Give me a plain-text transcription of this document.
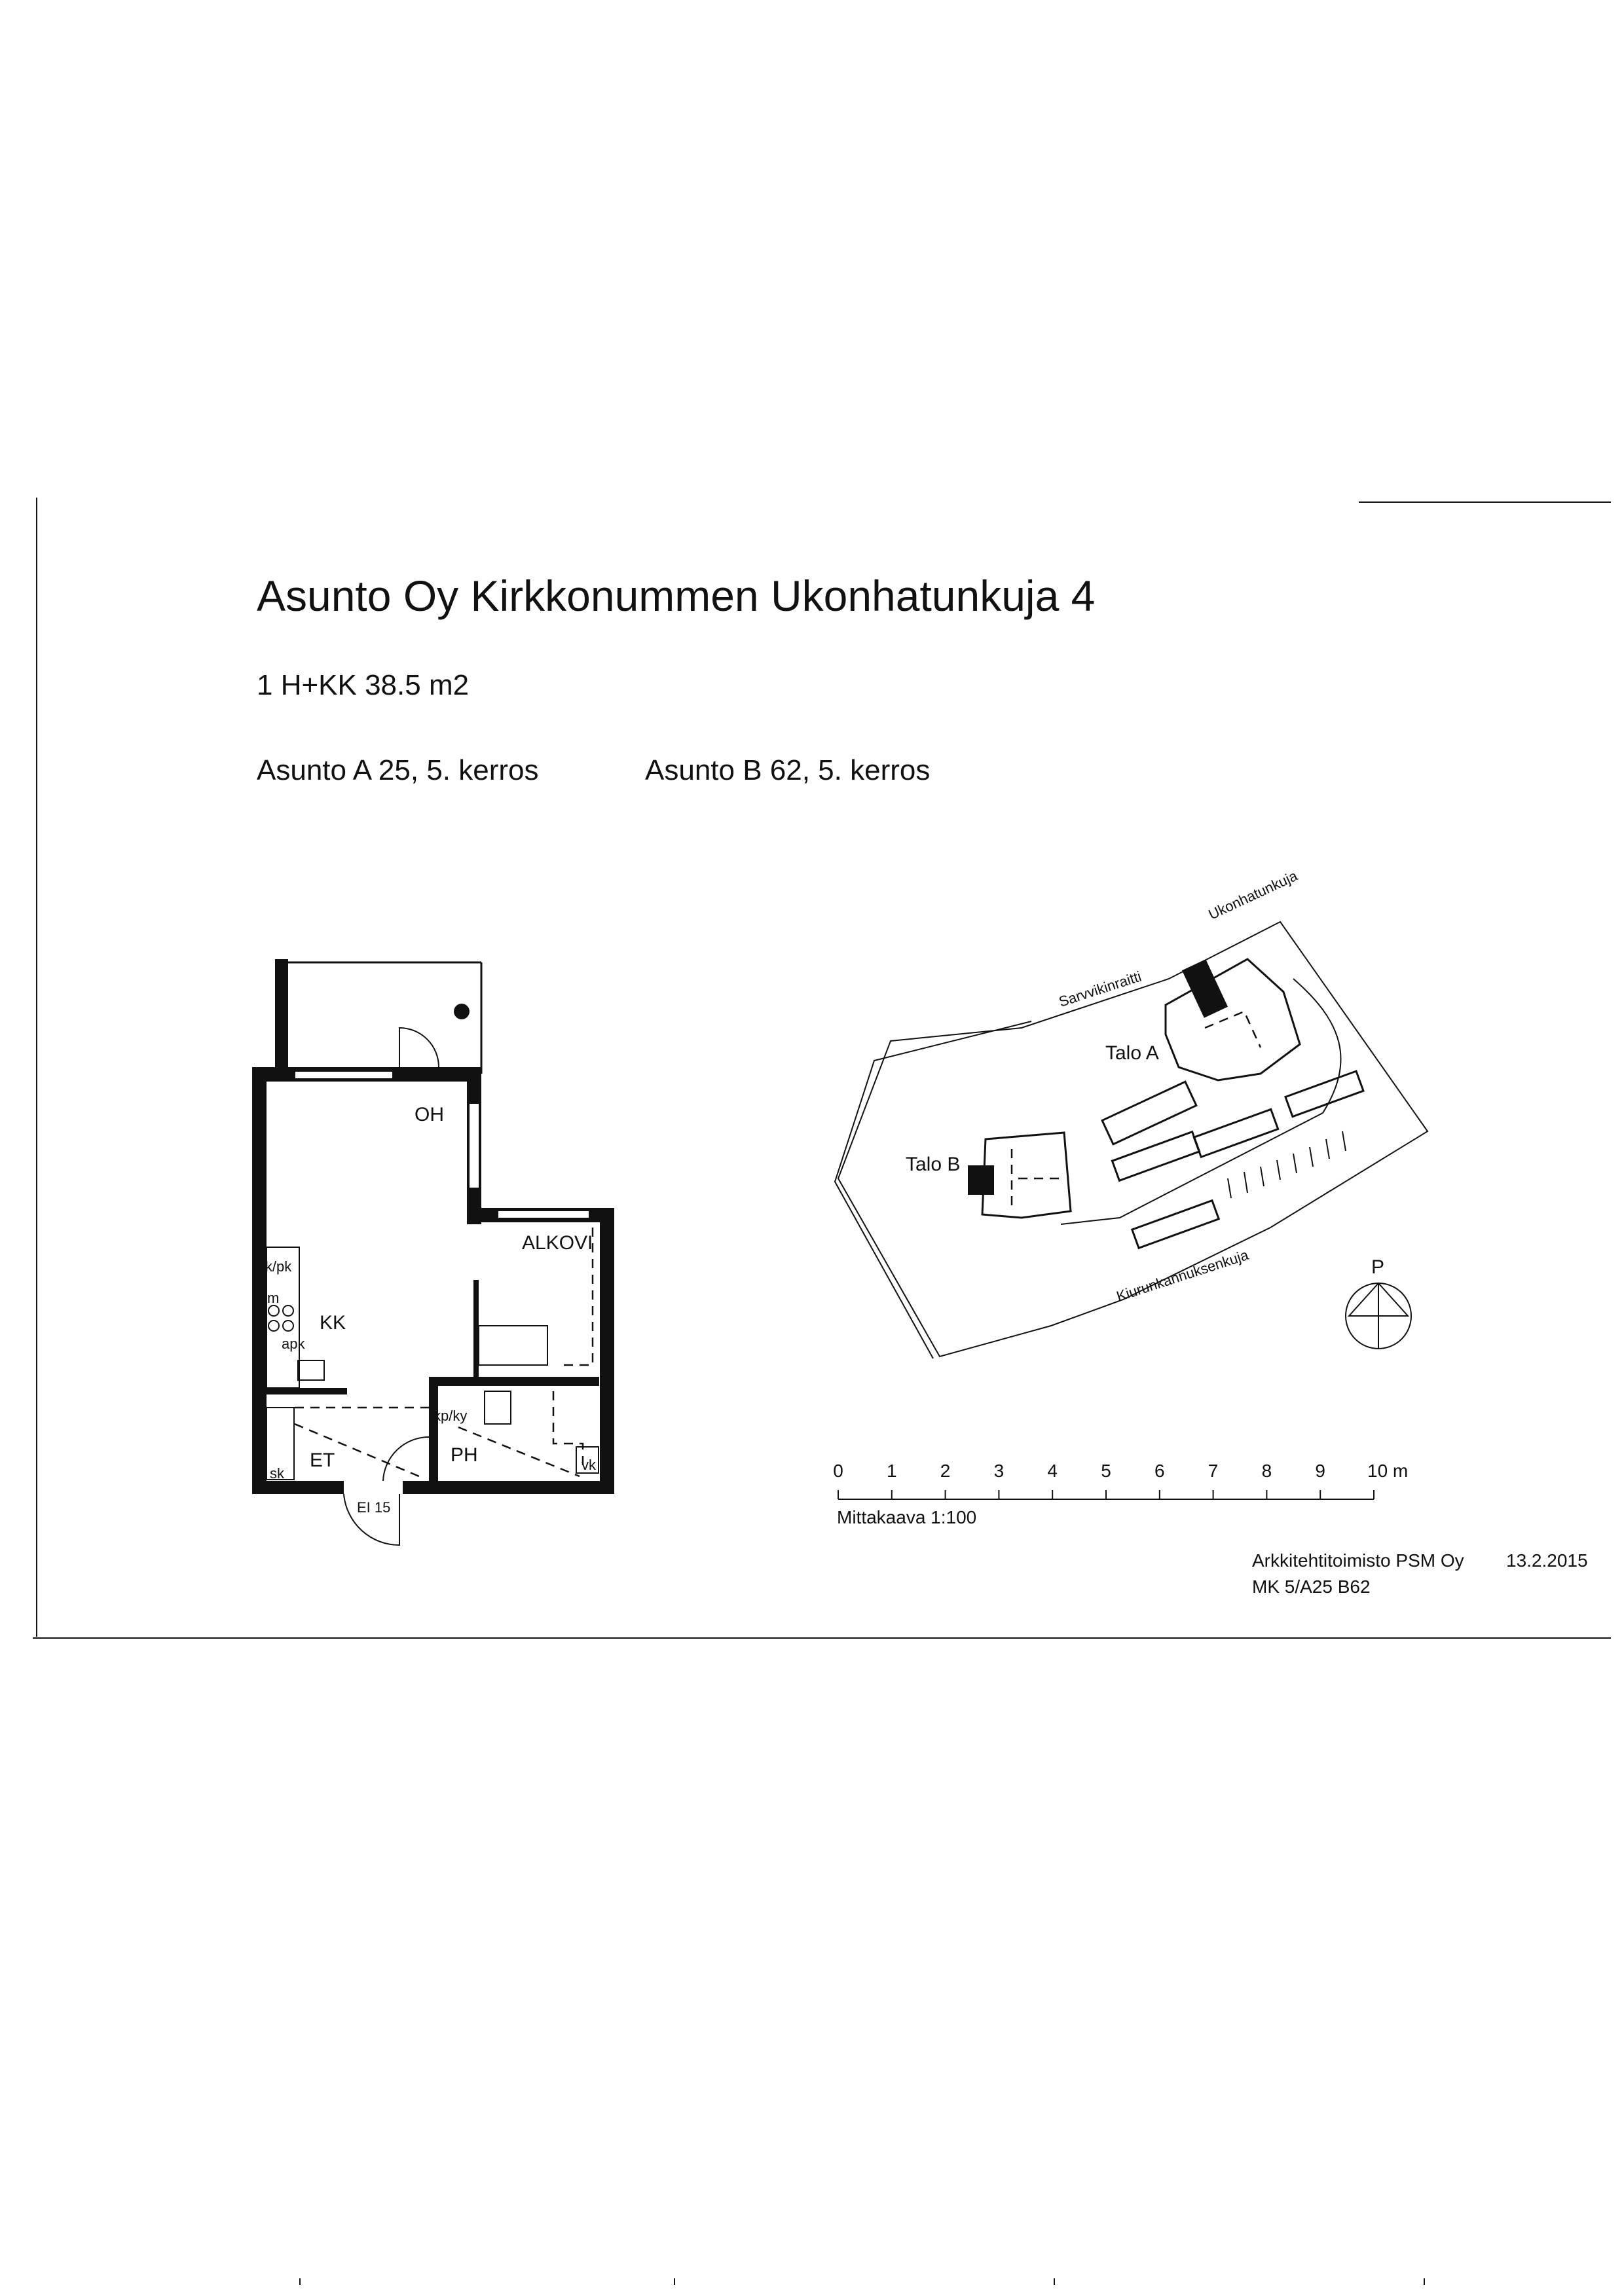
OH
ALKOVI
KK
ET	PH
jk/pk
m
apk
sk
kp/ky
vk
EI 15
Ukonhatunkuja
Sarvvikinraitti
Kiurunkannuksenkuja
Talo A
Talo B
P
0 1 2 3 4 5 6 7 8 9 10 m
Asunto Oy Kirkkonummen Ukonhatunkuja 4
1 H+KK 38.5 m2
Asunto A 25, 5. kerros	Asunto B 62, 5. kerros
Mittakaava 1:100
Arkkitehtitoimisto PSM Oy
MK 5/A25 B62
13.2.2015
